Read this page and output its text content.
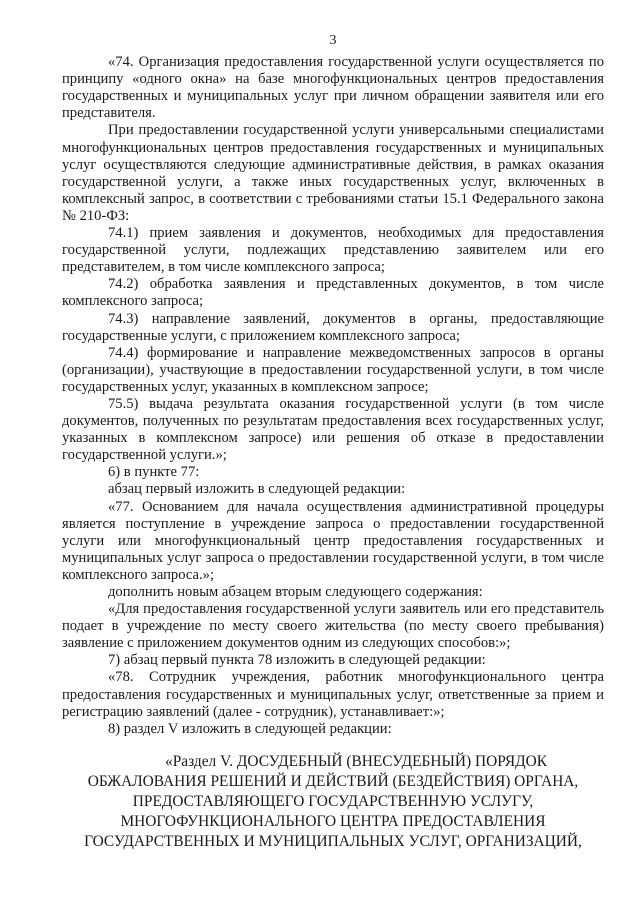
3

«74. Организация предоставления государственной услуги осуществляется по принципу «одного окна» на базе многофункциональных центров предоставления государственных и муниципальных услуг при личном обращении заявителя или его представителя.

При предоставлении государственной услуги универсальными специалистами многофункциональных центров предоставления государственных и муниципальных услуг осуществляются следующие административные действия, в рамках оказания государственной услуги, а также иных государственных услуг, включенных в комплексный запрос, в соответствии с требованиями статьи 15.1 Федерального закона № 210-ФЗ:

74.1) прием заявления и документов, необходимых для предоставления государственной услуги, подлежащих представлению заявителем или его представителем, в том числе комплексного запроса;

74.2) обработка заявления и представленных документов, в том числе комплексного запроса;

74.3) направление заявлений, документов в органы, предоставляющие государственные услуги, с приложением комплексного запроса;

74.4) формирование и направление межведомственных запросов в органы (организации), участвующие в предоставлении государственной услуги, в том числе государственных услуг, указанных в комплексном запросе;

75.5) выдача результата оказания государственной услуги (в том числе документов, полученных по результатам предоставления всех государственных услуг, указанных в комплексном запросе) или решения об отказе в предоставлении государственной услуги.»;

6) в пункте 77:

абзац первый изложить в следующей редакции:

«77. Основанием для начала осуществления административной процедуры является поступление в учреждение запроса о предоставлении государственной услуги или многофункциональный центр предоставления государственных и муниципальных услуг запроса о предоставлении государственной услуги, в том числе комплексного запроса.»;

дополнить новым абзацем вторым следующего содержания:

«Для предоставления государственной услуги заявитель или его представитель подает в учреждение по месту своего жительства (по месту своего пребывания) заявление с приложением документов одним из следующих способов:»;

7) абзац первый пункта 78 изложить в следующей редакции:

«78. Сотрудник учреждения, работник многофункционального центра предоставления государственных и муниципальных услуг, ответственные за прием и регистрацию заявлений (далее - сотрудник), устанавливает:»;

8) раздел V изложить в следующей редакции:

«Раздел V. ДОСУДЕБНЫЙ (ВНЕСУДЕБНЫЙ) ПОРЯДОК
ОБЖАЛОВАНИЯ РЕШЕНИЙ И ДЕЙСТВИЙ (БЕЗДЕЙСТВИЯ) ОРГАНА,
ПРЕДОСТАВЛЯЮЩЕГО ГОСУДАРСТВЕННУЮ УСЛУГУ,
МНОГОФУНКЦИОНАЛЬНОГО ЦЕНТРА ПРЕДОСТАВЛЕНИЯ
ГОСУДАРСТВЕННЫХ И МУНИЦИПАЛЬНЫХ УСЛУГ, ОРГАНИЗАЦИЙ,
